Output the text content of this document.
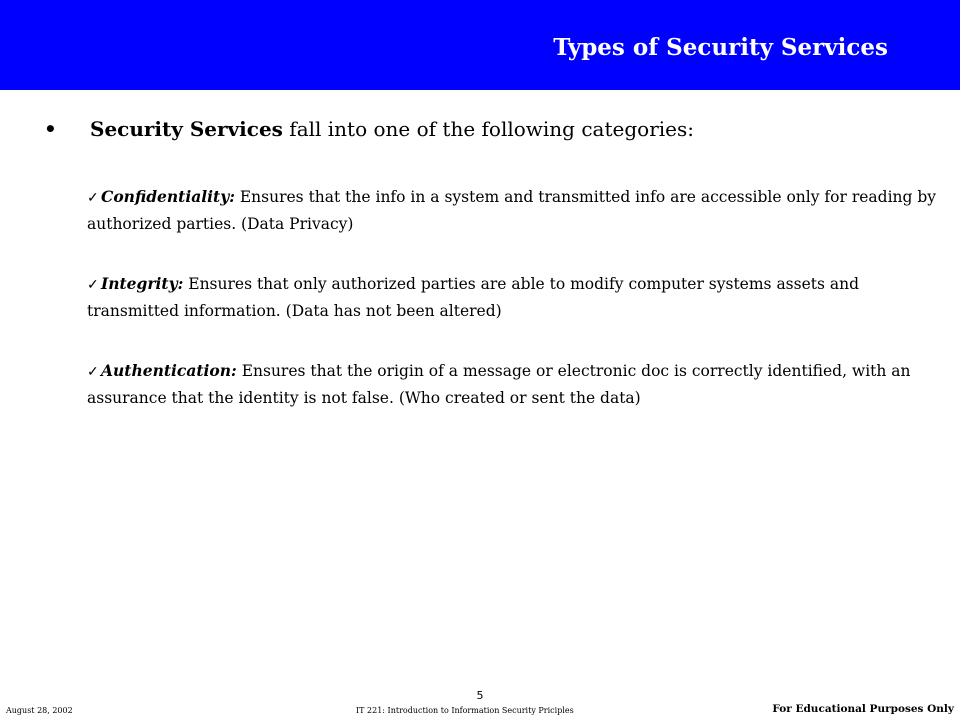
Types of Security Services
• Security Services fall into one of the following categories:
✓ Confidentiality: Ensures that the info in a system and transmitted info are accessible only for reading by authorized parties. (Data Privacy)
✓ Integrity: Ensures that only authorized parties are able to modify computer systems assets and transmitted information. (Data has not been altered)
✓ Authentication: Ensures that the origin of a message or electronic doc is correctly identified, with an assurance that the identity is not false. (Who created or sent the data)
5
August 28, 2002	IT 221: Introduction to Information Security Priciples	For Educational Purposes Only
